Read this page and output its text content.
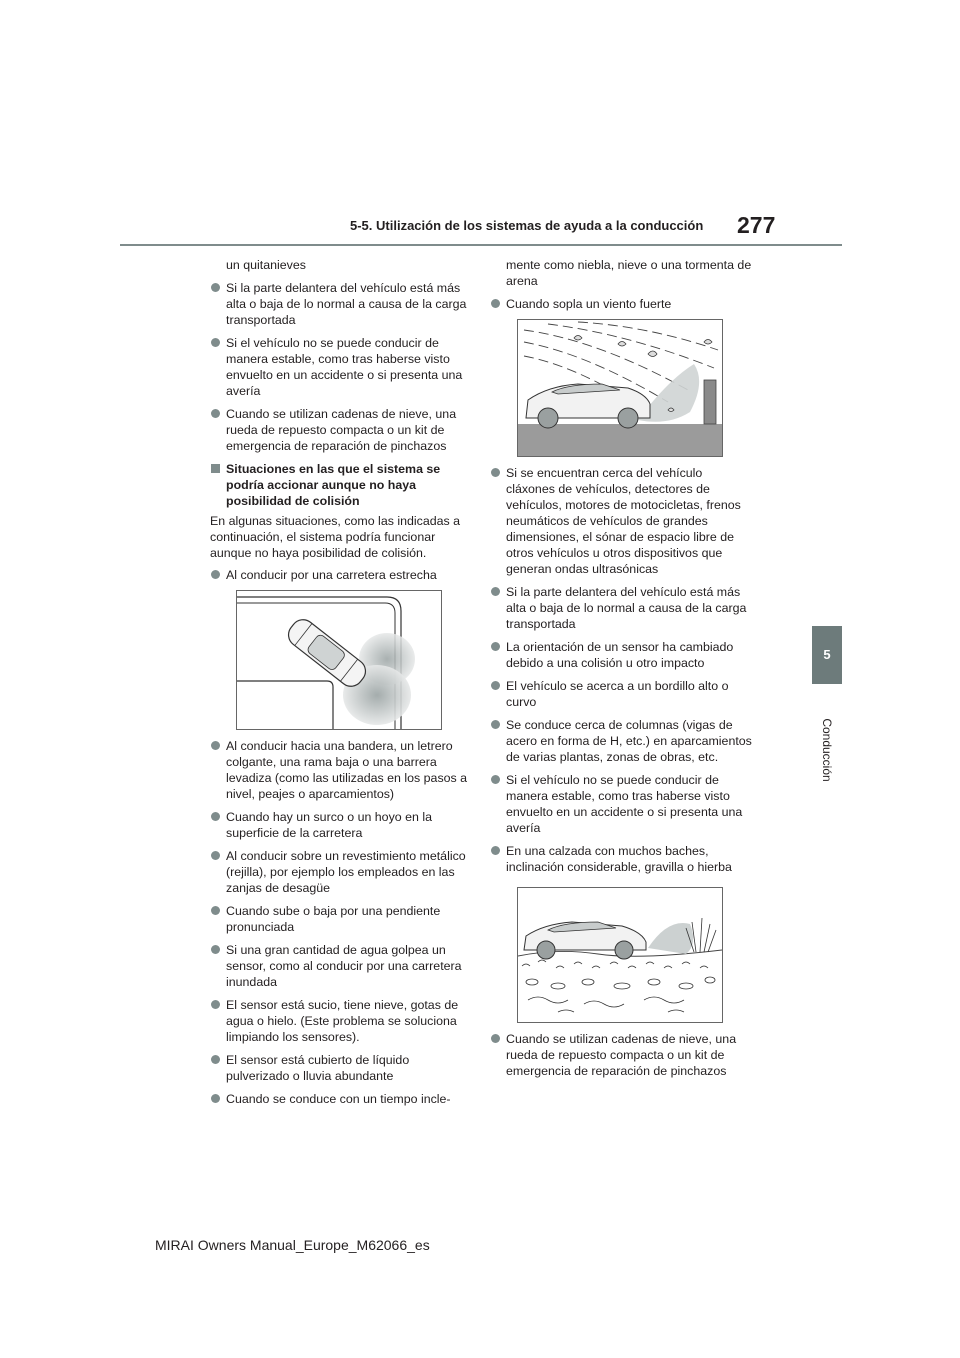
5-5. Utilización de los sistemas de ayuda a la conducción 277
5
Conducción
un quitanieves
Si la parte delantera del vehículo está más alta o baja de lo normal a causa de la carga transportada
Si el vehículo no se puede conducir de manera estable, como tras haberse visto envuelto en un accidente o si presenta una avería
Cuando se utilizan cadenas de nieve, una rueda de repuesto compacta o un kit de emergencia de reparación de pinchazos
Situaciones en las que el sistema se podría accionar aunque no haya posibilidad de colisión
En algunas situaciones, como las indicadas a continuación, el sistema podría funcionar aunque no haya posibilidad de colisión.
Al conducir por una carretera estrecha
Al conducir hacia una bandera, un letrero colgante, una rama baja o una barrera levadiza (como las utilizadas en los pasos a nivel, peajes o aparcamientos)
Cuando hay un surco o un hoyo en la superficie de la carretera
Al conducir sobre un revestimiento metálico (rejilla), por ejemplo los empleados en las zanjas de desagüe
Cuando sube o baja por una pendiente pronunciada
Si una gran cantidad de agua golpea un sensor, como al conducir por una carretera inundada
El sensor está sucio, tiene nieve, gotas de agua o hielo. (Este problema se soluciona limpiando los sensores).
El sensor está cubierto de líquido pulverizado o lluvia abundante
Cuando se conduce con un tiempo incle-
mente como niebla, nieve o una tormenta de arena
Cuando sopla un viento fuerte
Si se encuentran cerca del vehículo cláxones de vehículos, detectores de vehículos, motores de motocicletas, frenos neumáticos de vehículos de grandes dimensiones, el sónar de espacio libre de otros vehículos u otros dispositivos que generan ondas ultrasónicas
Si la parte delantera del vehículo está más alta o baja de lo normal a causa de la carga transportada
La orientación de un sensor ha cambiado debido a una colisión u otro impacto
El vehículo se acerca a un bordillo alto o curvo
Se conduce cerca de columnas (vigas de acero en forma de H, etc.) en aparcamientos de varias plantas, zonas de obras, etc.
Si el vehículo no se puede conducir de manera estable, como tras haberse visto envuelto en un accidente o si presenta una avería
En una calzada con muchos baches, inclinación considerable, gravilla o hierba
Cuando se utilizan cadenas de nieve, una rueda de repuesto compacta o un kit de emergencia de reparación de pinchazos
MIRAI Owners Manual_Europe_M62066_es
